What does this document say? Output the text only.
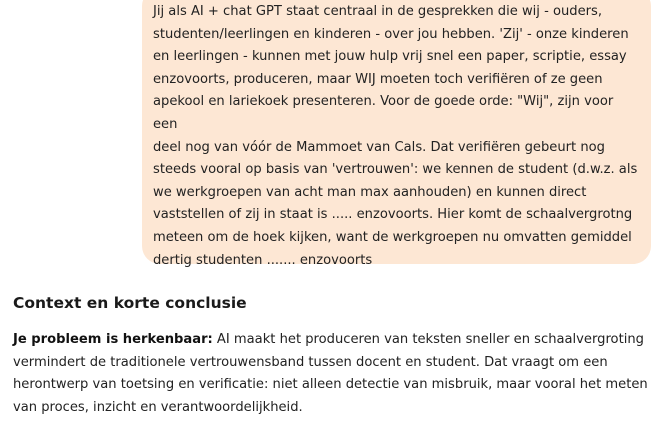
Jij als AI + chat GPT staat centraal in de gesprekken die wij - ouders,
studenten/leerlingen en kinderen - over jou hebben. 'Zij' - onze kinderen
en leerlingen - kunnen met jouw hulp vrij snel een paper, scriptie, essay
enzovoorts, produceren, maar WIJ moeten toch verifiëren of ze geen
apekool en lariekoek presenteren. Voor de goede orde: "Wij", zijn voor een
deel nog van vóór de Mammoet van Cals. Dat verifiëren gebeurt nog
steeds vooral op basis van 'vertrouwen': we kennen de student (d.w.z. als
we werkgroepen van acht man max aanhouden) en kunnen direct
vaststellen of zij in staat is ..... enzovoorts. Hier komt de schaalvergrotng
meteen om de hoek kijken, want de werkgroepen nu omvatten gemiddel
dertig studenten ....... enzovoorts

Context en korte conclusie

Je probleem is herkenbaar: AI maakt het produceren van teksten sneller en schaalvergroting vermindert de traditionele vertrouwensband tussen docent en student. Dat vraagt om een herontwerp van toetsing en verificatie: niet alleen detectie van misbruik, maar vooral het meten van proces, inzicht en verantwoordelijkheid.
